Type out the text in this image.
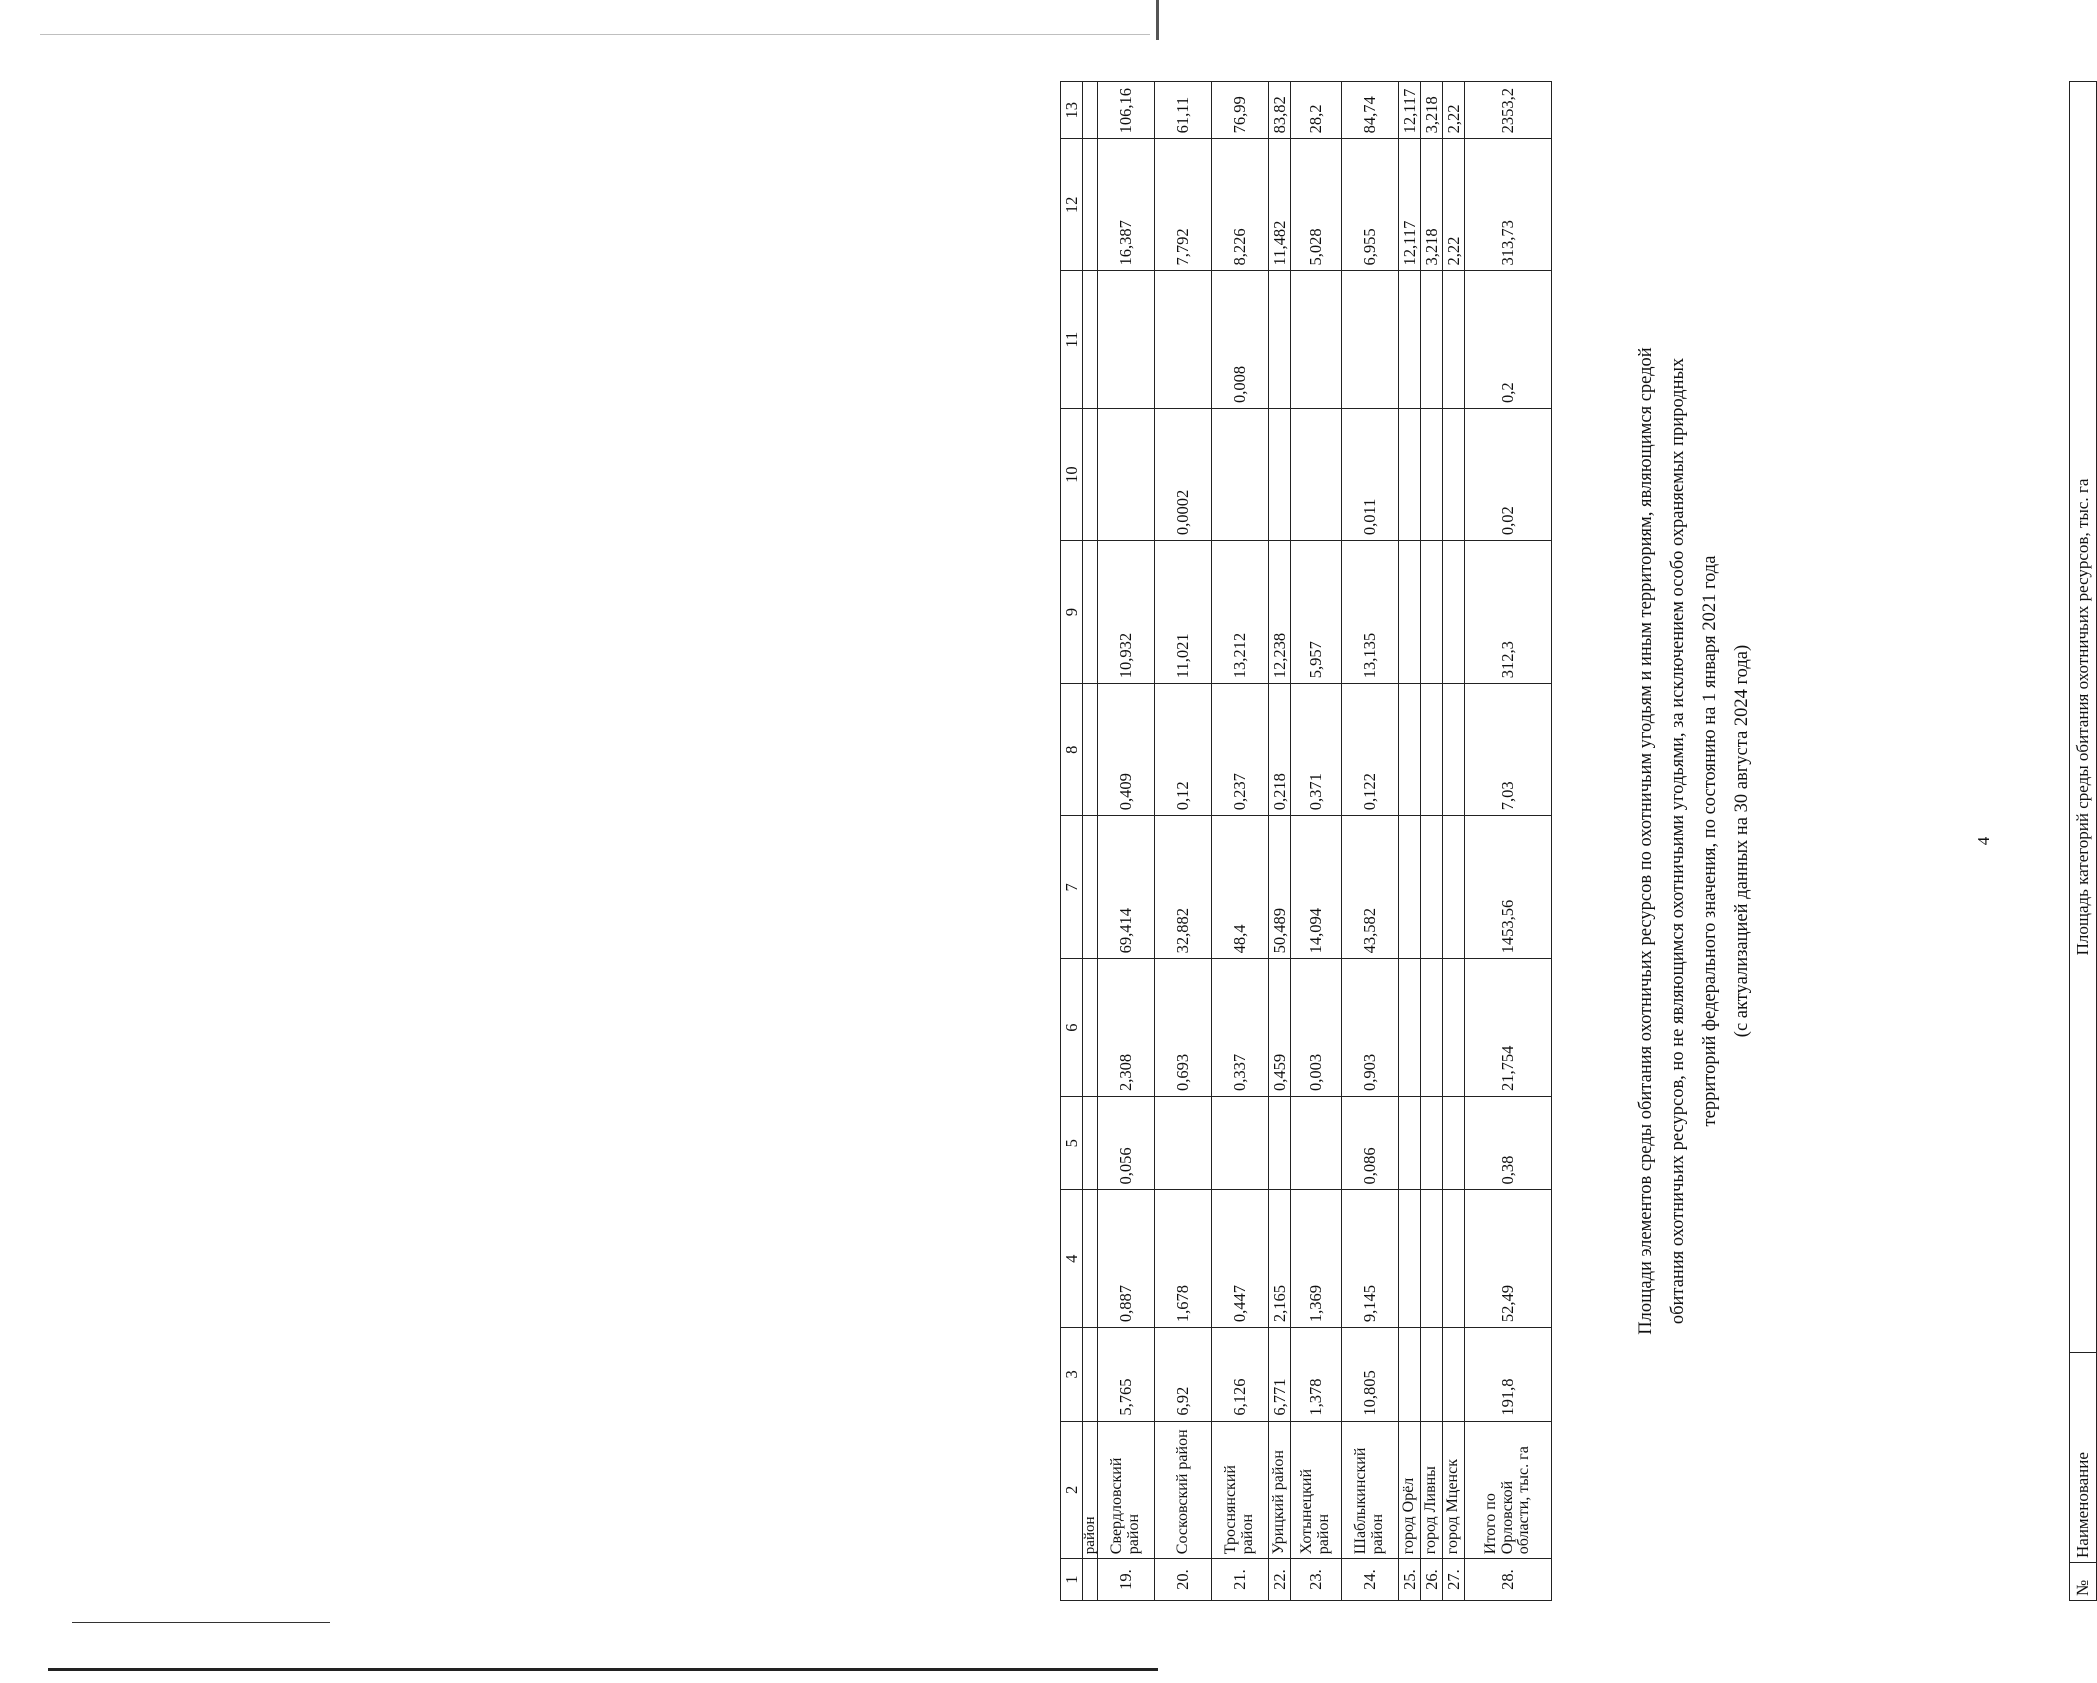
1	2	3	4	5	6	7	8	9	10	11	12	13
	район											
19.	Свердловский район	5,765	0,887	0,056	2,308	69,414	0,409	10,932			16,387	106,16
20.	Сосковский район	6,92	1,678		0,693	32,882	0,12	11,021	0,0002		7,792	61,11
21.	Троснянский район	6,126	0,447		0,337	48,4	0,237	13,212		0,008	8,226	76,99
22.	Урицкий район	6,771	2,165		0,459	50,489	0,218	12,238			11,482	83,82
23.	Хотынецкий район	1,378	1,369		0,003	14,094	0,371	5,957			5,028	28,2
24.	Шаблыкинский район	10,805	9,145	0,086	0,903	43,582	0,122	13,135	0,011		6,955	84,74
25.	город Орёл										12,117	12,117
26.	город Ливны										3,218	3,218
27.	город Мценск										2,22	2,22
28.	Итого по Орловской области, тыс. га	191,8	52,49	0,38	21,754	1453,56	7,03	312,3	0,02	0,2	313,73	2353,2
4
Площади элементов среды обитания охотничьих ресурсов по охотничьим угодьям и иным территориям, являющимся средой обитания охотничьих ресурсов, но не являющимся охотничьими угодьями, за исключением особо охраняемых природных территорий федерального значения, по состоянию на 1 января 2021 года (с актуализацией данных на 30 августа 2024 года)
№	Наименование	Площадь категорий среды обитания охотничьих ресурсов, тыс. га
